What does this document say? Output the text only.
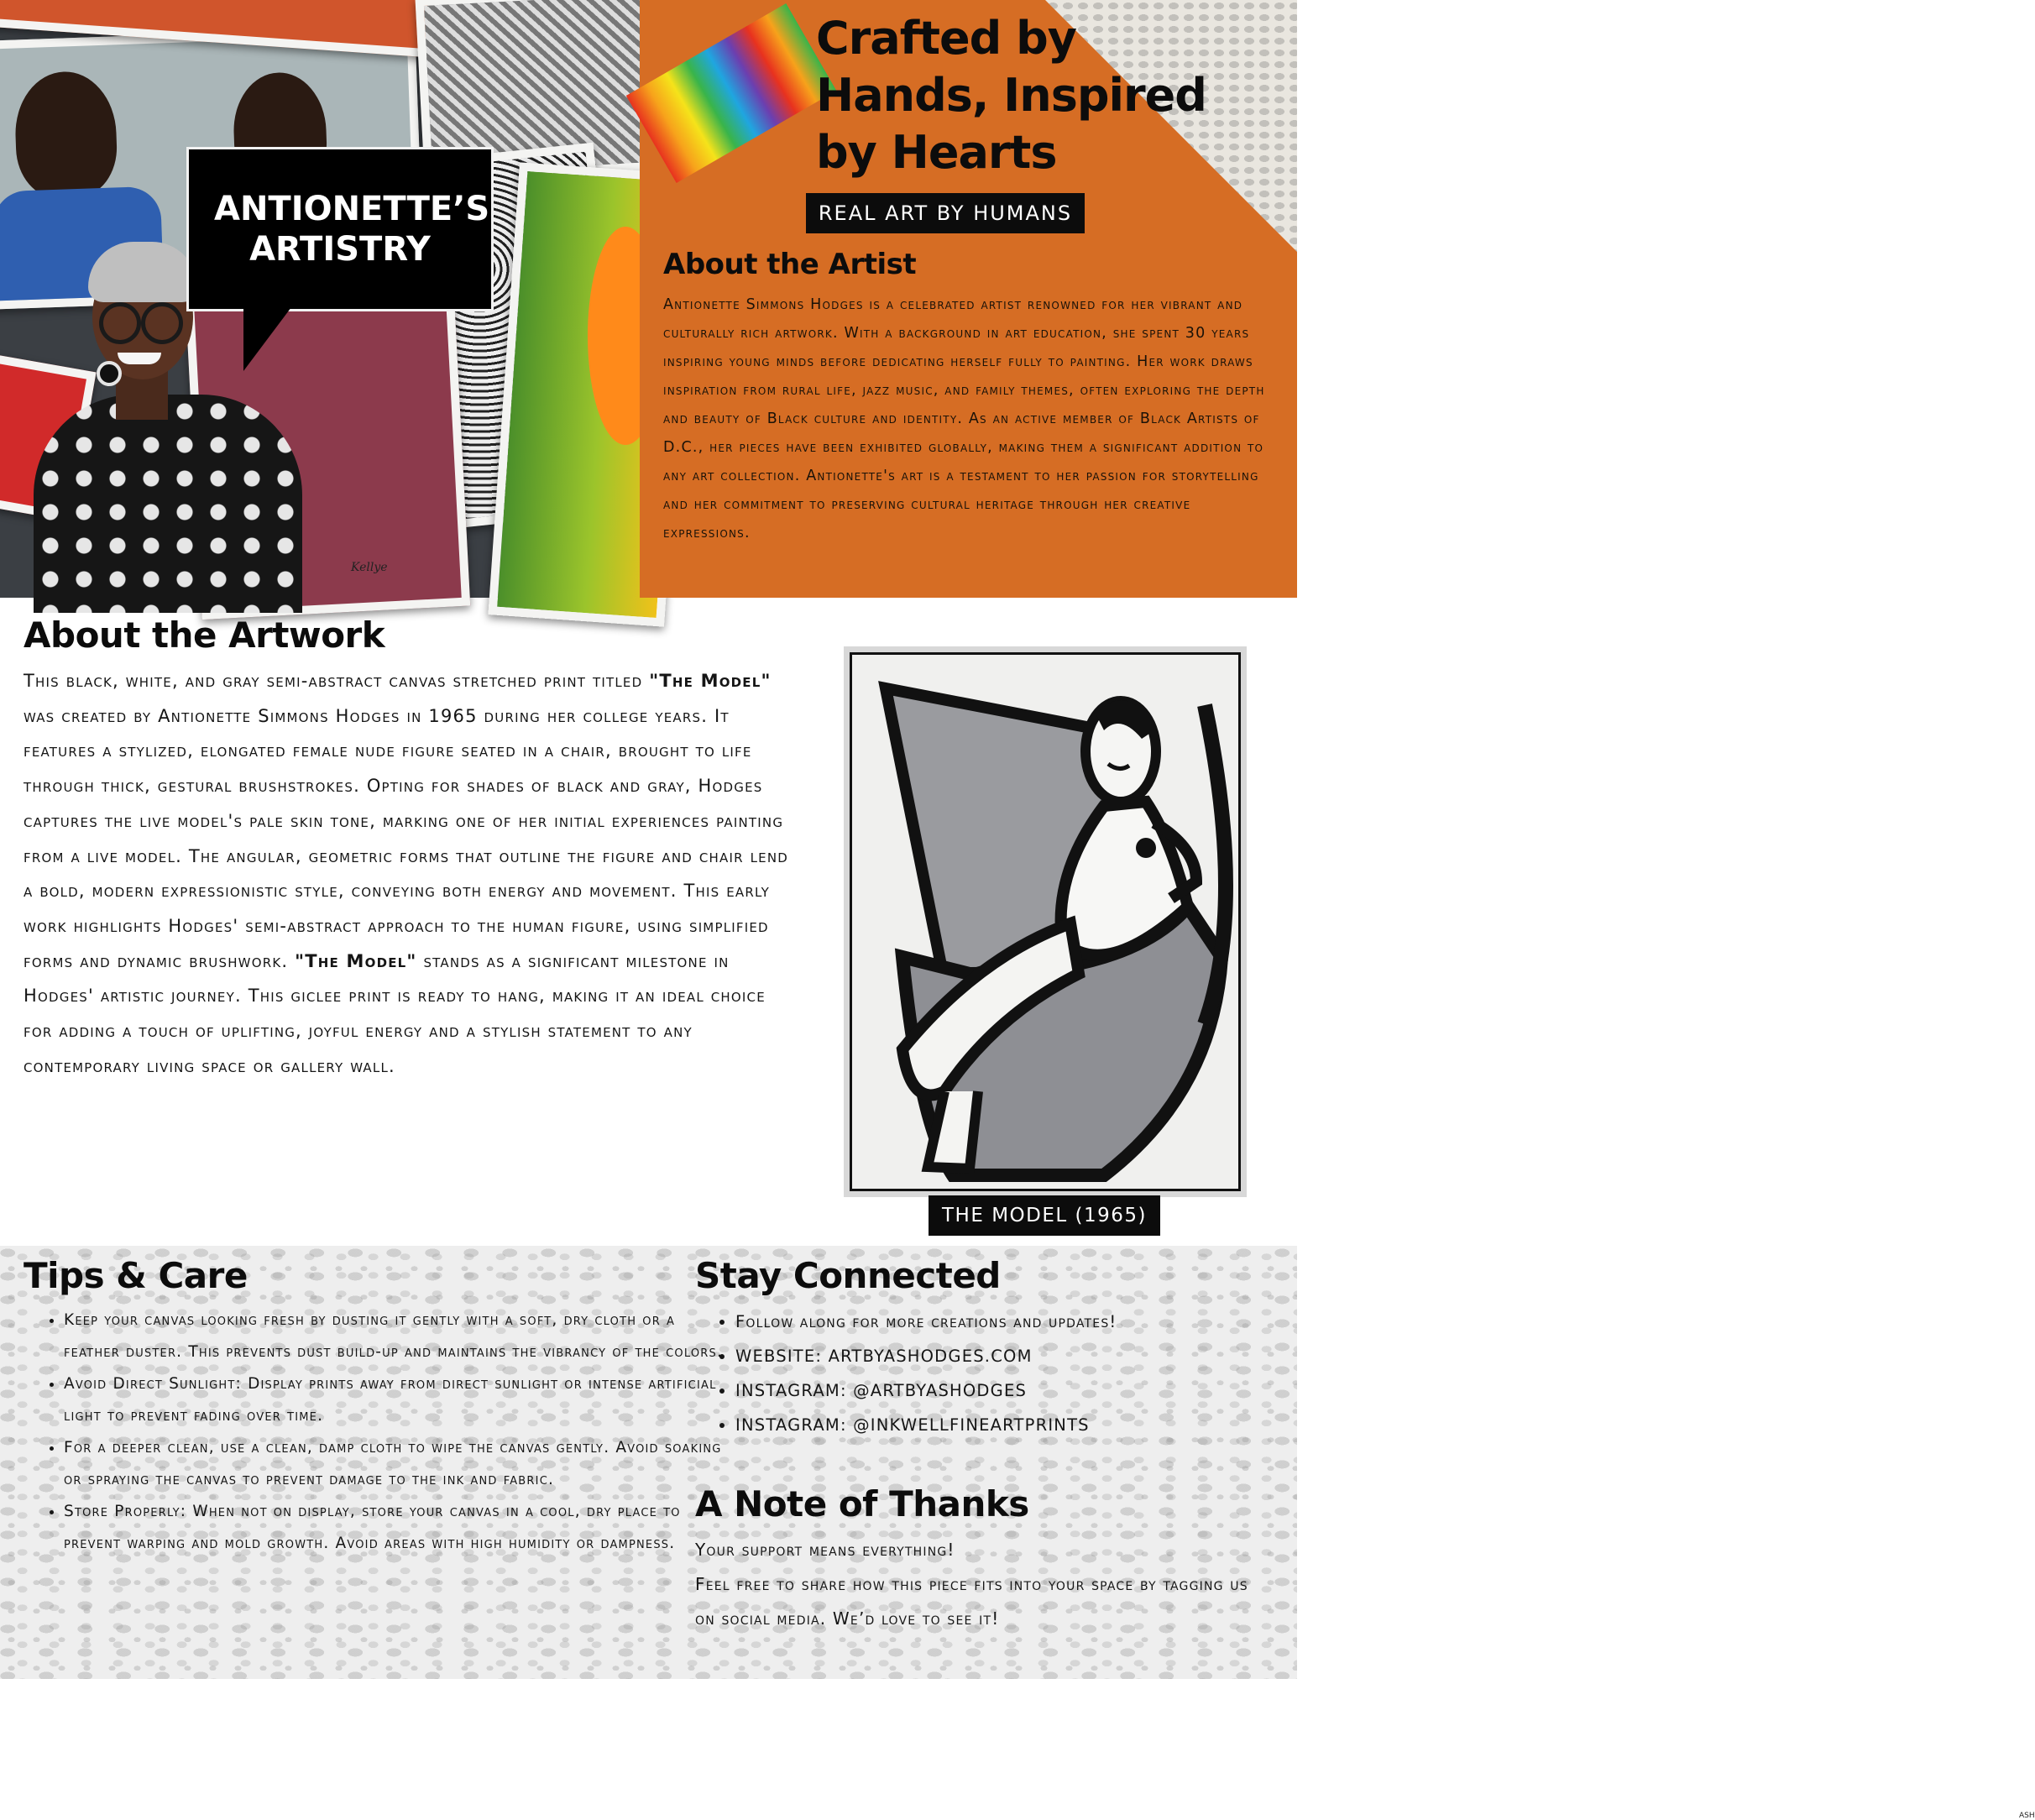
Kellye
ANTIONETTE’S ARTISTRY
Crafted by Hands, Inspired by Hearts
REAL ART BY HUMANS
About the Artist
Antionette Simmons Hodges is a celebrated artist renowned for her vibrant and culturally rich artwork. With a background in art education, she spent 30 years inspiring young minds before dedicating herself fully to painting. Her work draws inspiration from rural life, jazz music, and family themes, often exploring the depth and beauty of Black culture and identity. As an active member of Black Artists of D.C., her pieces have been exhibited globally, making them a significant addition to any art collection. Antionette's art is a testament to her passion for storytelling and her commitment to preserving cultural heritage through her creative expressions.
About the Artwork
This black, white, and gray semi-abstract canvas stretched print titled "The Model" was created by Antionette Simmons Hodges in 1965 during her college years. It features a stylized, elongated female nude figure seated in a chair, brought to life through thick, gestural brushstrokes. Opting for shades of black and gray, Hodges captures the live model's pale skin tone, marking one of her initial experiences painting from a live model. The angular, geometric forms that outline the figure and chair lend a bold, modern expressionistic style, conveying both energy and movement. This early work highlights Hodges' semi-abstract approach to the human figure, using simplified forms and dynamic brushwork. "The Model" stands as a significant milestone in Hodges' artistic journey. This giclee print is ready to hang, making it an ideal choice for adding a touch of uplifting, joyful energy and a stylish statement to any contemporary living space or gallery wall.
ASH
THE MODEL (1965)
Tips & Care
• Keep your canvas looking fresh by dusting it gently with a soft, dry cloth or a feather duster. This prevents dust build-up and maintains the vibrancy of the colors.
• Avoid Direct Sunlight: Display prints away from direct sunlight or intense artificial light to prevent fading over time.
• For a deeper clean, use a clean, damp cloth to wipe the canvas gently. Avoid soaking or spraying the canvas to prevent damage to the ink and fabric.
• Store Properly: When not on display, store your canvas in a cool, dry place to prevent warping and mold growth. Avoid areas with high humidity or dampness.
Stay Connected
• Follow along for more creations and updates!
• WEBSITE: ARTBYASHODGES.COM
• INSTAGRAM: @ARTBYASHODGES
• INSTAGRAM: @INKWELLFINEARTPRINTS
A Note of Thanks
Your support means everything!
Feel free to share how this piece fits into your space by tagging us on social media. We’d love to see it!
